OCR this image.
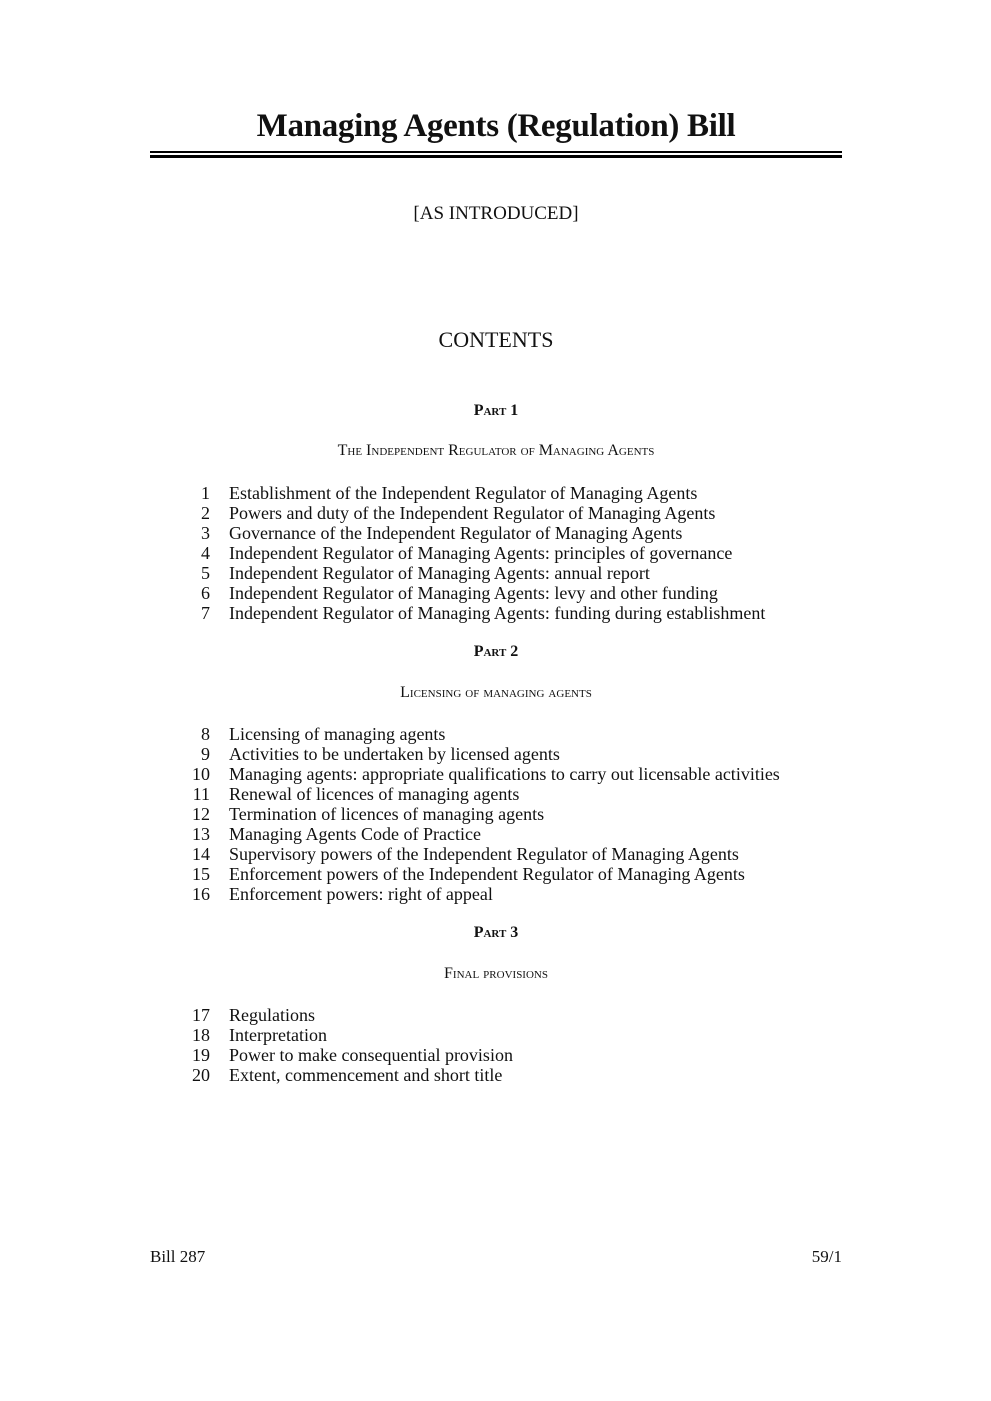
Managing Agents (Regulation) Bill
[AS INTRODUCED]
CONTENTS
Part 1
The Independent Regulator of Managing Agents
1	Establishment of the Independent Regulator of Managing Agents
2	Powers and duty of the Independent Regulator of Managing Agents
3	Governance of the Independent Regulator of Managing Agents
4	Independent Regulator of Managing Agents: principles of governance
5	Independent Regulator of Managing Agents: annual report
6	Independent Regulator of Managing Agents: levy and other funding
7	Independent Regulator of Managing Agents: funding during establishment
Part 2
Licensing of managing agents
8	Licensing of managing agents
9	Activities to be undertaken by licensed agents
10	Managing agents: appropriate qualifications to carry out licensable activities
11	Renewal of licences of managing agents
12	Termination of licences of managing agents
13	Managing Agents Code of Practice
14	Supervisory powers of the Independent Regulator of Managing Agents
15	Enforcement powers of the Independent Regulator of Managing Agents
16	Enforcement powers: right of appeal
Part 3
Final provisions
17	Regulations
18	Interpretation
19	Power to make consequential provision
20	Extent, commencement and short title
Bill 287	59/1
